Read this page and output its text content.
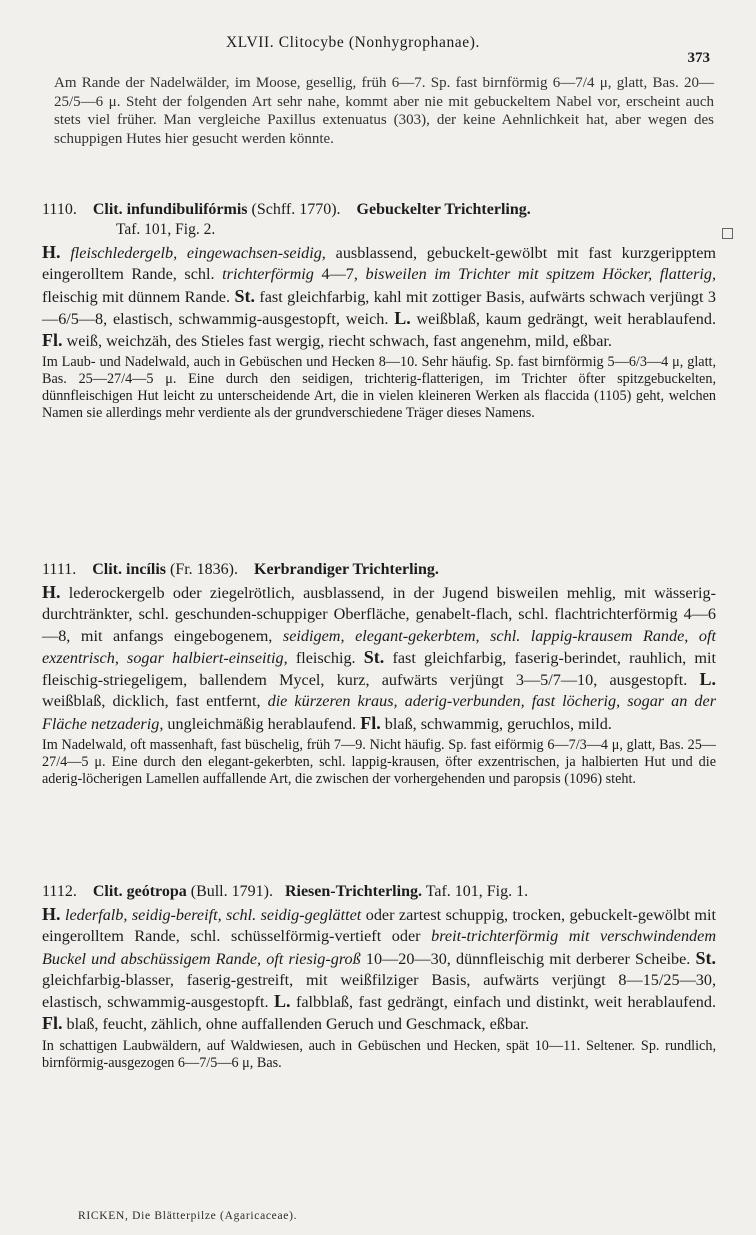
XLVII. Clitocybe (Nonhygrophanae).
373

Am Rande der Nadelwälder, im Moose, gesellig, früh 6—7. Sp. fast birnförmig 6—7/4 μ, glatt, Bas. 20—25/5—6 μ. Steht der folgenden Art sehr nahe, kommt aber nie mit gebuckeltem Nabel vor, erscheint auch stets viel früher. Man vergleiche Paxillus extenuatus (303), der keine Aehnlichkeit hat, aber wegen des schuppigen Hutes hier gesucht werden könnte.

1110. Clit. infundibulifórmis (Schff. 1770). Gebuckelter Trichterling.

Taf. 101, Fig. 2.

H. fleischledergelb, eingewachsen-seidig, ausblassend, gebuckelt-gewölbt mit fast kurzgeripptem eingerolltem Rande, schl. trichterförmig 4—7, bisweilen im Trichter mit spitzem Höcker, flatterig, fleischig mit dünnem Rande. St. fast gleichfarbig, kahl mit zottiger Basis, aufwärts schwach verjüngt 3—6/5—8, elastisch, schwammig-ausgestopft, weich. L. weißblaß, kaum gedrängt, weit herablaufend. Fl. weiß, weichzäh, des Stieles fast wergig, riecht schwach, fast angenehm, mild, eßbar.

Im Laub- und Nadelwald, auch in Gebüschen und Hecken 8—10. Sehr häufig. Sp. fast birnförmig 5—6/3—4 μ, glatt, Bas. 25—27/4—5 μ. Eine durch den seidigen, trichterig-flatterigen, im Trichter öfter spitzgebuckelten, dünnfleischigen Hut leicht zu unterscheidende Art, die in vielen kleineren Werken als flaccida (1105) geht, welchen Namen sie allerdings mehr verdiente als der grundverschiedene Träger dieses Namens.

1111. Clit. incílis (Fr. 1836). Kerbrandiger Trichterling.

H. lederockergelb oder ziegelrötlich, ausblassend, in der Jugend bisweilen mehlig, mit wässerig-durchtränkter, schl. geschunden-schuppiger Oberfläche, genabelt-flach, schl. flachtrichterförmig 4—6—8, mit anfangs eingebogenem, seidigem, elegant-gekerbtem, schl. lappig-krausem Rande, oft exzentrisch, sogar halbiert-einseitig, fleischig. St. fast gleichfarbig, faserig-berindet, rauhlich, mit fleischig-striegeligem, ballendem Mycel, kurz, aufwärts verjüngt 3—5/7—10, ausgestopft. L. weißblaß, dicklich, fast entfernt, die kürzeren kraus, aderig-verbunden, fast löcherig, sogar an der Fläche netzaderig, ungleichmäßig herablaufend. Fl. blaß, schwammig, geruchlos, mild.

Im Nadelwald, oft massenhaft, fast büschelig, früh 7—9. Nicht häufig. Sp. fast eiförmig 6—7/3—4 μ, glatt, Bas. 25—27/4—5 μ. Eine durch den elegant-gekerbten, schl. lappig-krausen, öfter exzentrischen, ja halbierten Hut und die aderig-löcherigen Lamellen auffallende Art, die zwischen der vorhergehenden und paropsis (1096) steht.

1112. Clit. geótropa (Bull. 1791). Riesen-Trichterling. Taf. 101, Fig. 1.

H. lederfalb, seidig-bereift, schl. seidig-geglättet oder zartest schuppig, trocken, gebuckelt-gewölbt mit eingerolltem Rande, schl. schüsselförmig-vertieft oder breit-trichterförmig mit verschwindendem Buckel und abschüssigem Rande, oft riesig-groß 10—20—30, dünnfleischig mit derberer Scheibe. St. gleichfarbig-blasser, faserig-gestreift, mit weißfilziger Basis, aufwärts verjüngt 8—15/25—30, elastisch, schwammig-ausgestopft. L. falbblaß, fast gedrängt, einfach und distinkt, weit herablaufend. Fl. blaß, feucht, zählich, ohne auffallenden Geruch und Geschmack, eßbar.

In schattigen Laubwäldern, auf Waldwiesen, auch in Gebüschen und Hecken, spät 10—11. Seltener. Sp. rundlich, birnförmig-ausgezogen 6—7/5—6 μ, Bas.

RICKEN, Die Blätterpilze (Agaricaceae).
